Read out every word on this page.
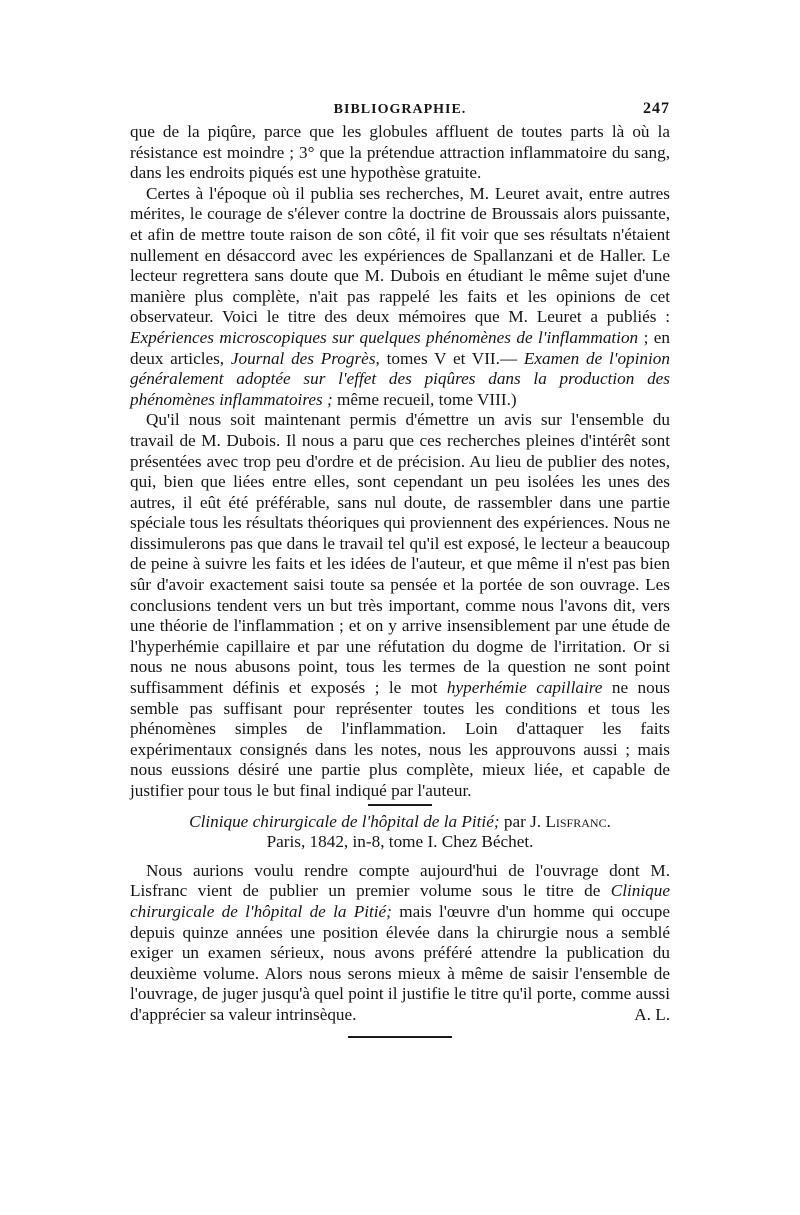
BIBLIOGRAPHIE.	247

que de la piqûre, parce que les globules affluent de toutes parts là où la résistance est moindre ; 3° que la prétendue attraction inflammatoire du sang, dans les endroits piqués est une hypothèse gratuite.

Certes à l'époque où il publia ses recherches, M. Leuret avait, entre autres mérites, le courage de s'élever contre la doctrine de Broussais alors puissante, et afin de mettre toute raison de son côté, il fit voir que ses résultats n'étaient nullement en désaccord avec les expériences de Spallanzani et de Haller. Le lecteur regrettera sans doute que M. Dubois en étudiant le même sujet d'une manière plus complète, n'ait pas rappelé les faits et les opinions de cet observateur. Voici le titre des deux mémoires que M. Leuret a publiés : Expériences microscopiques sur quelques phénomènes de l'inflammation ; en deux articles, Journal des Progrès, tomes V et VII.— Examen de l'opinion généralement adoptée sur l'effet des piqûres dans la production des phénomènes inflammatoires ; même recueil, tome VIII.)

Qu'il nous soit maintenant permis d'émettre un avis sur l'ensemble du travail de M. Dubois. Il nous a paru que ces recherches pleines d'intérêt sont présentées avec trop peu d'ordre et de précision. Au lieu de publier des notes, qui, bien que liées entre elles, sont cependant un peu isolées les unes des autres, il eût été préférable, sans nul doute, de rassembler dans une partie spéciale tous les résultats théoriques qui proviennent des expériences. Nous ne dissimulerons pas que dans le travail tel qu'il est exposé, le lecteur a beaucoup de peine à suivre les faits et les idées de l'auteur, et que même il n'est pas bien sûr d'avoir exactement saisi toute sa pensée et la portée de son ouvrage. Les conclusions tendent vers un but très important, comme nous l'avons dit, vers une théorie de l'inflammation ; et on y arrive insensiblement par une étude de l'hyperhémie capillaire et par une réfutation du dogme de l'irritation. Or si nous ne nous abusons point, tous les termes de la question ne sont point suffisamment définis et exposés ; le mot hyperhémie capillaire ne nous semble pas suffisant pour représenter toutes les conditions et tous les phénomènes simples de l'inflammation. Loin d'attaquer les faits expérimentaux consignés dans les notes, nous les approuvons aussi ; mais nous eussions désiré une partie plus complète, mieux liée, et capable de justifier pour tous le but final indiqué par l'auteur.

Clinique chirurgicale de l'hôpital de la Pitié; par J. Lisfranc.
Paris, 1842, in-8, tome I. Chez Béchet.

Nous aurions voulu rendre compte aujourd'hui de l'ouvrage dont M. Lisfranc vient de publier un premier volume sous le titre de Clinique chirurgicale de l'hôpital de la Pitié; mais l'œuvre d'un homme qui occupe depuis quinze années une position élevée dans la chirurgie nous a semblé exiger un examen sérieux, nous avons préféré attendre la publication du deuxième volume. Alors nous serons mieux à même de saisir l'ensemble de l'ouvrage, de juger jusqu'à quel point il justifie le titre qu'il porte, comme aussi d'apprécier sa valeur intrinsèque.	A. L.
